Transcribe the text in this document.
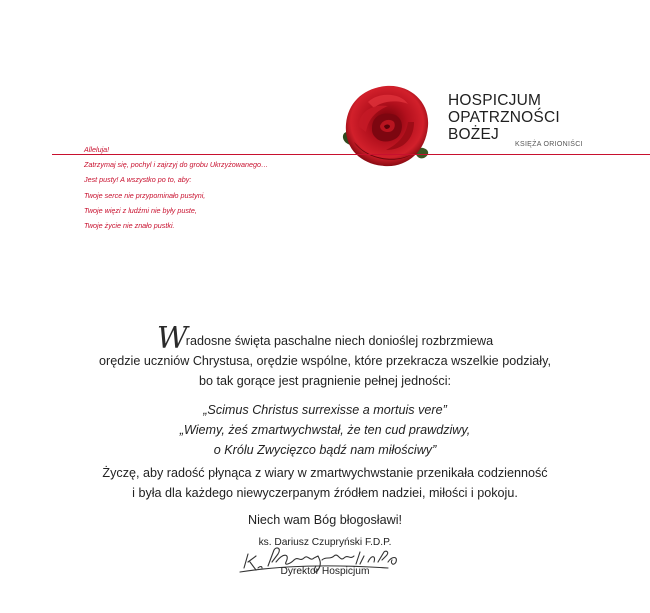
HOSPICJUM
OPATRZNOŚCI
BOŻEJ
KSIĘŻA ORIONIŚCI
Alleluja!
Zatrzymaj się, pochyl i zajrzyj do grobu Ukrzyżowanego…
Jest pusty! A wszystko po to, aby:
Twoje serce nie przypominało pustyni,
Twoje więzi z ludźmi nie były puste,
Twoje życie nie znało pustki.
Wradosne święta paschalne niech donioślej rozbrzmiewa
orędzie uczniów Chrystusa, orędzie wspólne, które przekracza wszelkie podziały,
bo tak gorące jest pragnienie pełnej jedności:
„Scimus Christus surrexisse a mortuis vere”
„Wiemy, żeś zmartwychwstał, że ten cud prawdziwy,
o Królu Zwycięzco bądź nam miłościwy”
Życzę, aby radość płynąca z wiary w zmartwychwstanie przenikała codzienność
i była dla każdego niewyczerpanym źródłem nadziei, miłości i pokoju.
Niech wam Bóg błogosławi!
ks. Dariusz Czupryński F.D.P.
Dyrektor Hospicjum
